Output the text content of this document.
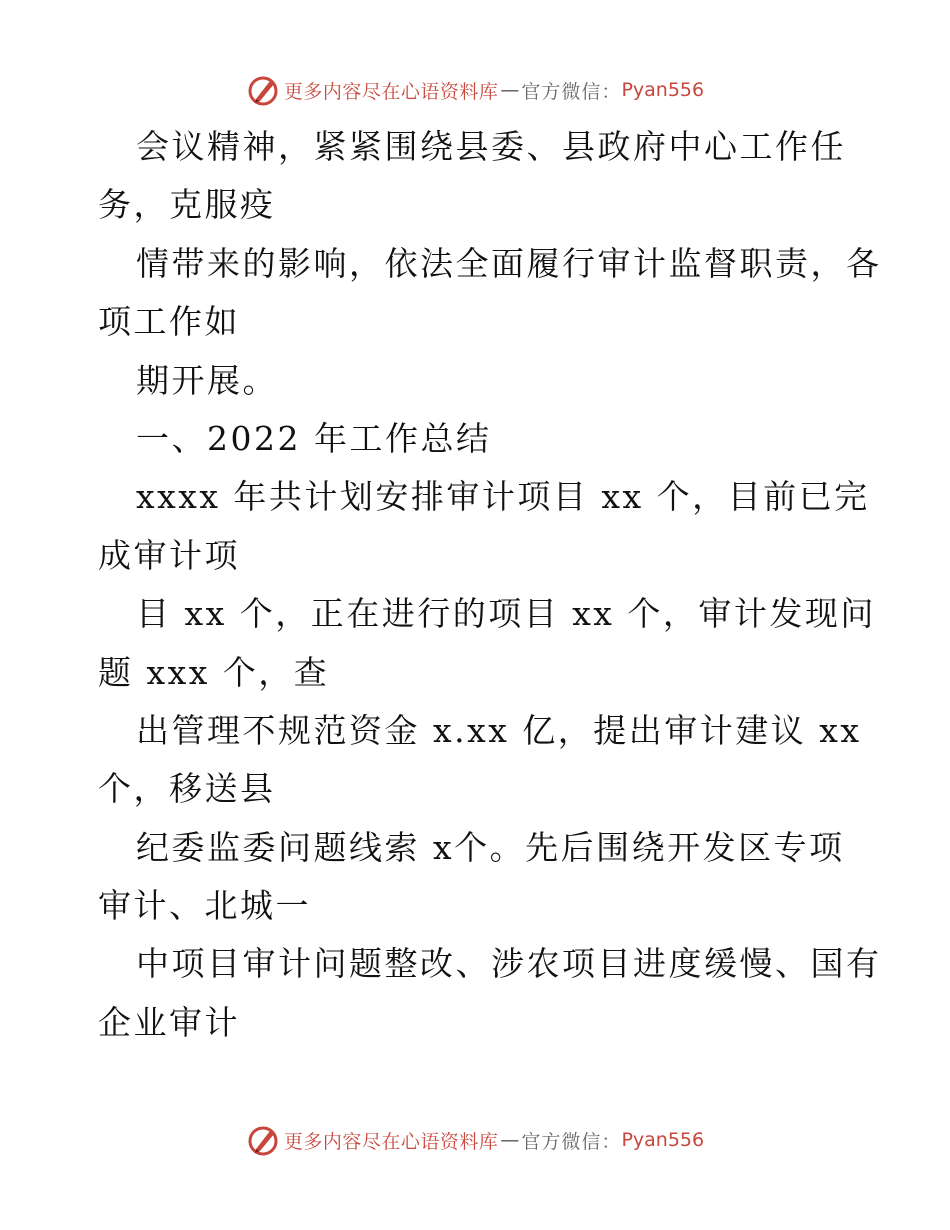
更多内容尽在心语资料库 — 官方微信： Pyan556
会议精神，紧紧围绕县委、县政府中心工作任
务，克服疫
情带来的影响，依法全面履行审计监督职责，各
项工作如
期开展。
一、2022 年工作总结
xxxx 年共计划安排审计项目 xx 个，目前已完
成审计项
目 xx 个，正在进行的项目 xx 个，审计发现问
题 xxx 个，查
出管理不规范资金 x.xx 亿，提出审计建议 xx
个，移送县
纪委监委问题线索 x个。先后围绕开发区专项
审计、北城一
中项目审计问题整改、涉农项目进度缓慢、国有
企业审计
更多内容尽在心语资料库 — 官方微信： Pyan556
